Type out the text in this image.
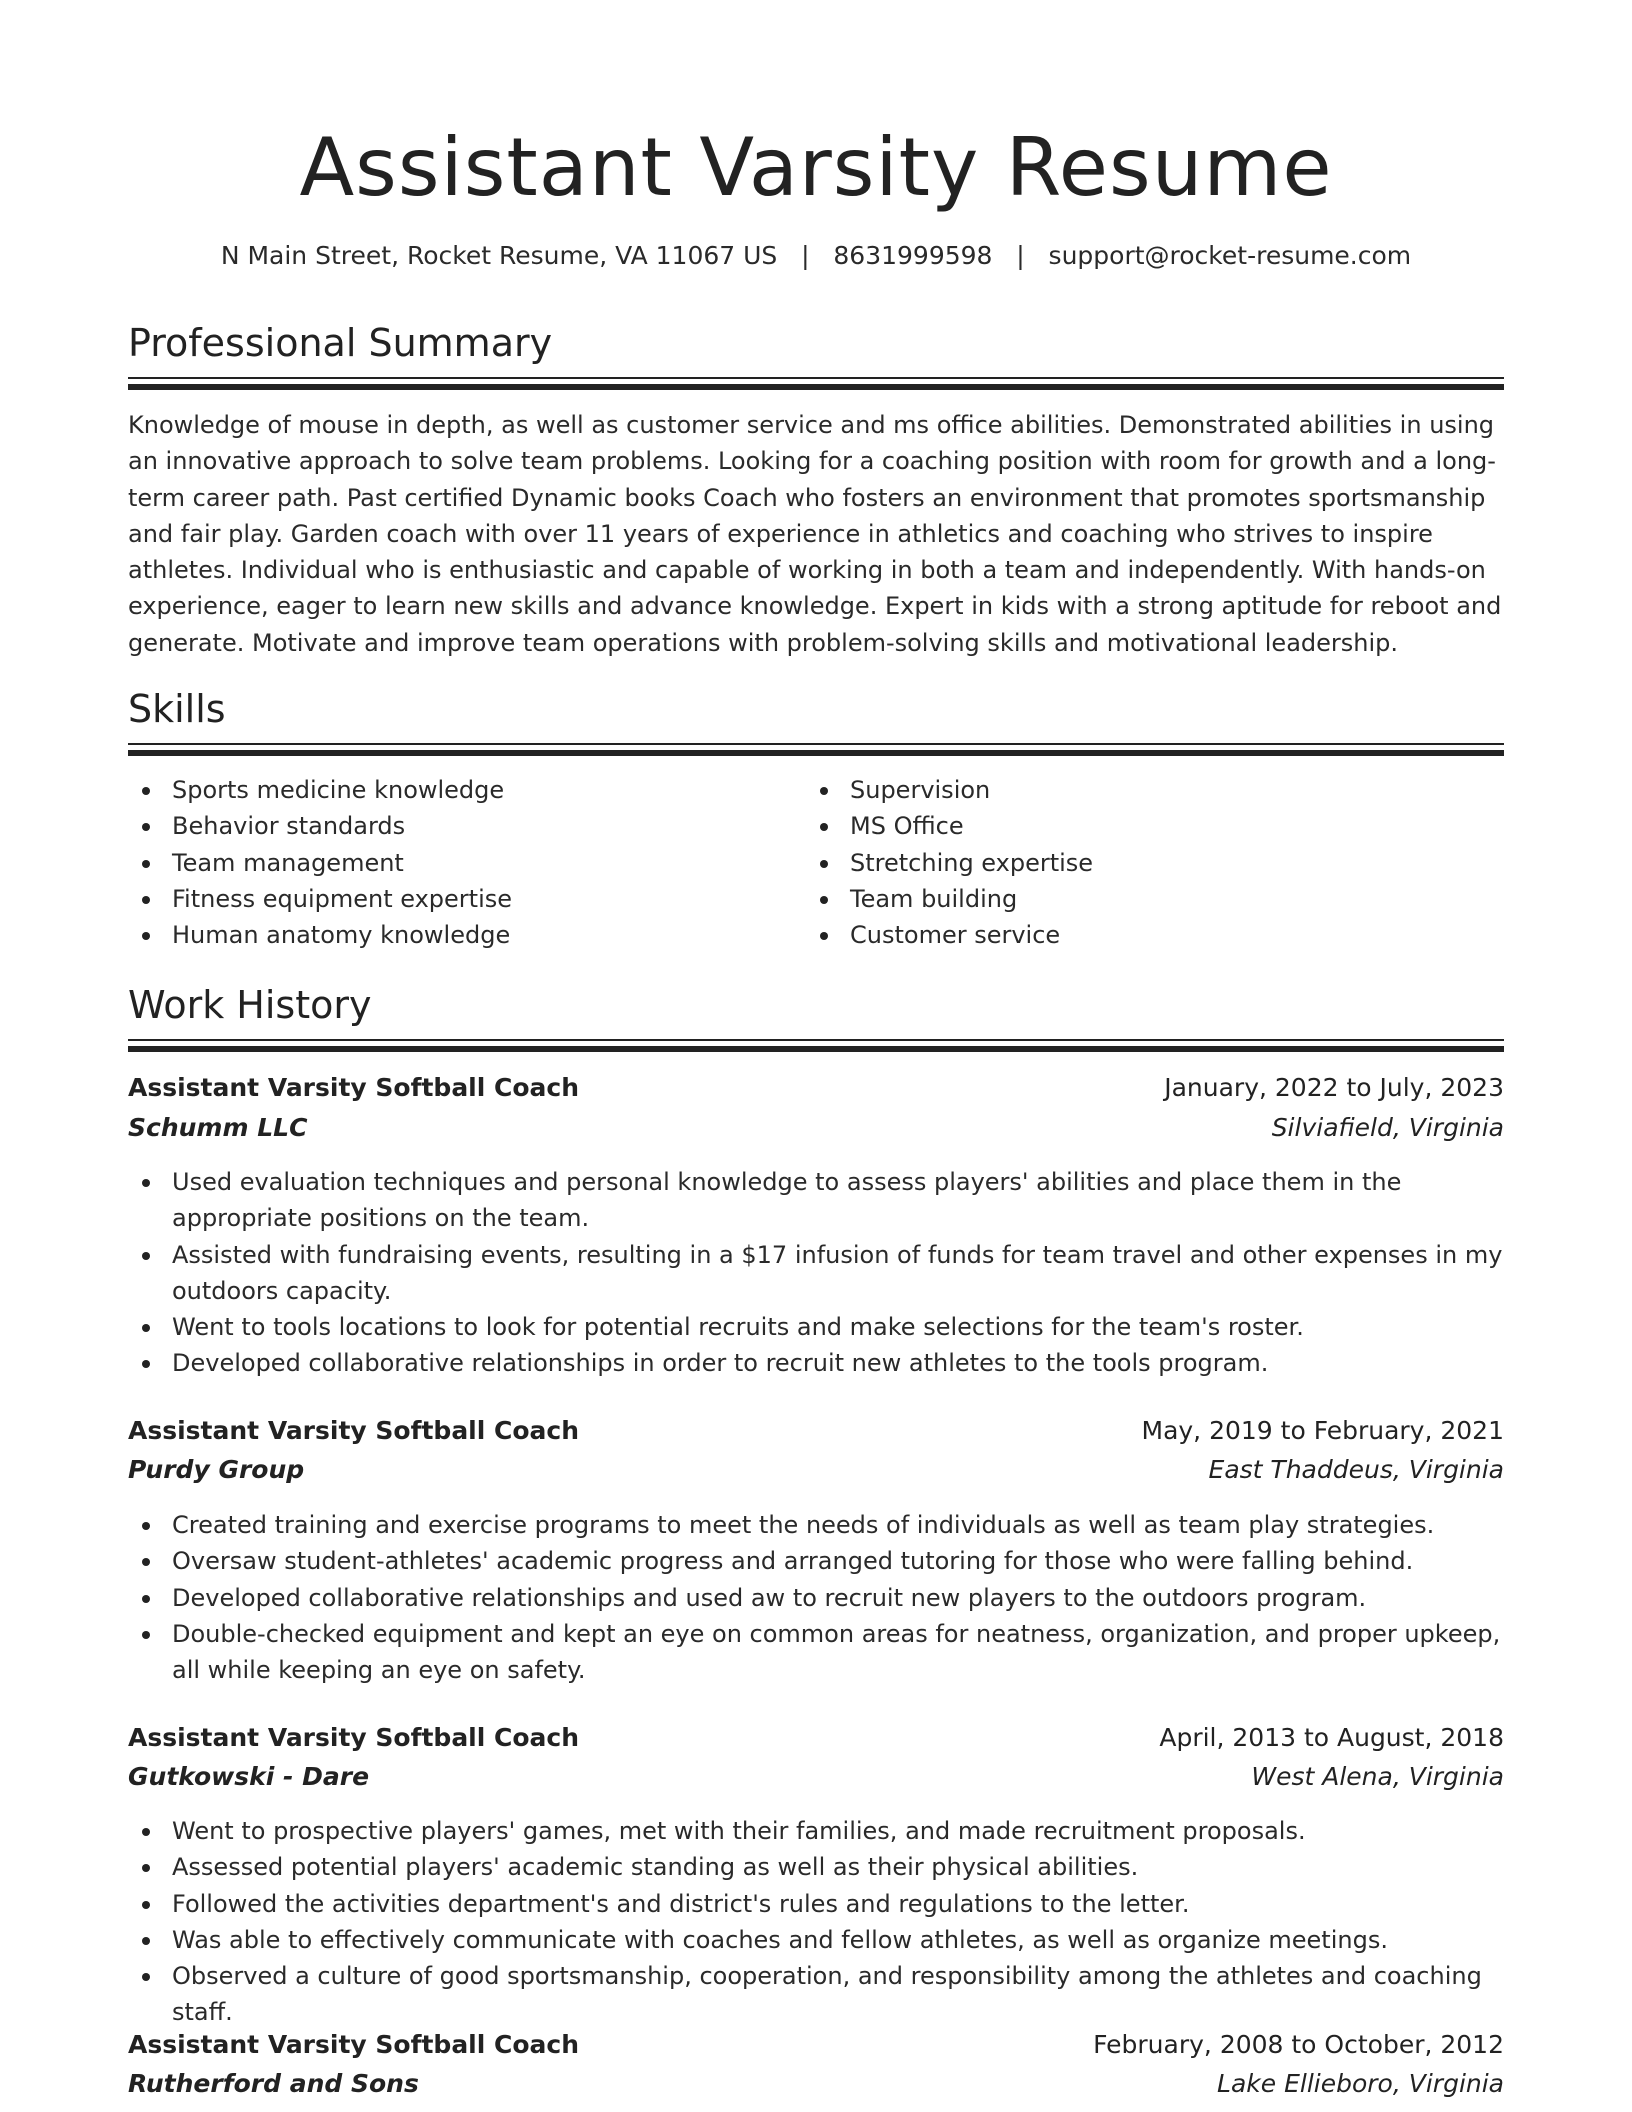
Assistant Varsity Resume
N Main Street, Rocket Resume, VA 11067 US   |   8631999598   |   support@rocket-resume.com
Professional Summary

Knowledge of mouse in depth, as well as customer service and ms office abilities. Demonstrated abilities in using an innovative approach to solve team problems. Looking for a coaching position with room for growth and a long-term career path. Past certified Dynamic books Coach who fosters an environment that promotes sportsmanship and fair play. Garden coach with over 11 years of experience in athletics and coaching who strives to inspire athletes. Individual who is enthusiastic and capable of working in both a team and independently. With hands-on experience, eager to learn new skills and advance knowledge. Expert in kids with a strong aptitude for reboot and generate. Motivate and improve team operations with problem-solving skills and motivational leadership.

Skills
Sports medicine knowledge
Behavior standards
Team management
Fitness equipment expertise
Human anatomy knowledge
Supervision
MS Office
Stretching expertise
Team building
Customer service
Work History
Assistant Varsity Softball Coach	January, 2022 to July, 2023
Schumm LLC	Silviafield, Virginia
Used evaluation techniques and personal knowledge to assess players' abilities and place them in the appropriate positions on the team.
Assisted with fundraising events, resulting in a $17 infusion of funds for team travel and other expenses in my outdoors capacity.
Went to tools locations to look for potential recruits and make selections for the team's roster.
Developed collaborative relationships in order to recruit new athletes to the tools program.
Assistant Varsity Softball Coach	May, 2019 to February, 2021
Purdy Group	East Thaddeus, Virginia
Created training and exercise programs to meet the needs of individuals as well as team play strategies.
Oversaw student-athletes' academic progress and arranged tutoring for those who were falling behind.
Developed collaborative relationships and used aw to recruit new players to the outdoors program.
Double-checked equipment and kept an eye on common areas for neatness, organization, and proper upkeep, all while keeping an eye on safety.
Assistant Varsity Softball Coach	April, 2013 to August, 2018
Gutkowski - Dare	West Alena, Virginia
Went to prospective players' games, met with their families, and made recruitment proposals.
Assessed potential players' academic standing as well as their physical abilities.
Followed the activities department's and district's rules and regulations to the letter.
Was able to effectively communicate with coaches and fellow athletes, as well as organize meetings.
Observed a culture of good sportsmanship, cooperation, and responsibility among the athletes and coaching staff.
Assistant Varsity Softball Coach	February, 2008 to October, 2012
Rutherford and Sons	Lake Ellieboro, Virginia
